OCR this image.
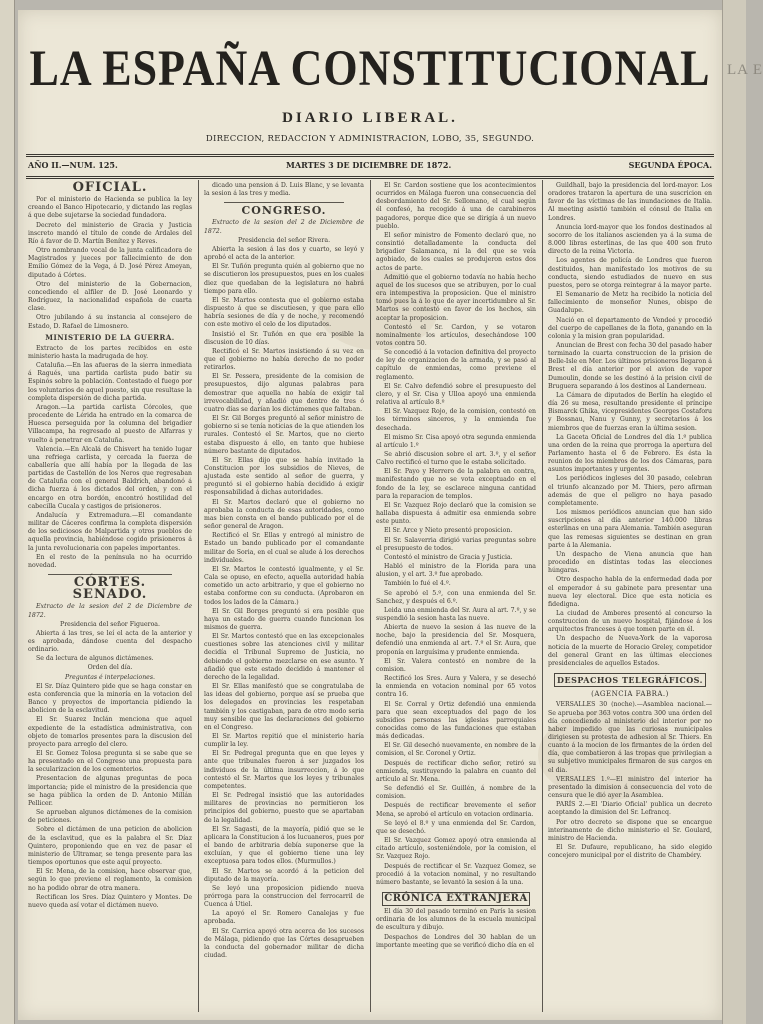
LA E
LA ESPAÑA CONSTITUCIONAL
DIARIO LIBERAL.
DIRECCION, REDACCION Y ADMINISTRACION, LOBO, 35, SEGUNDO.
AÑO II.—NUM. 125.	MARTES 3 DE DICIEMBRE DE 1872.	SEGUNDA ÉPOCA.
OFICIAL.

Por el ministerio de Hacienda se publica la ley creando el Banco Hipotecario, y dictando las reglas á que debe sujetarse la sociedad fundadora.

Decreto del ministerio de Gracia y Justicia inscreto mandó el título de conde de Ardales del Río á favor de D. Martín Benítez y Reves.

Otro nombrando vocal de la junta calificadora de Magistrados y jueces por fallecimiento de don Emilio Gómez de la Vega, á D. José Pérez Ameyan, diputado á Córtes.

Otro del ministerio de la Gobernacion, concediendo el alfiler de D. José Leonardo y Rodríguez, la nacionalidad española de cuarta clase.

Otro jubilando á su instancia al consejero de Estado, D. Rafael de Limosnero.

MINISTERIO DE LA GUERRA.

Extracto de los partes recibidos en este ministerio hasta la madrugada de hoy.

Cataluña.—En las afueras de la sierra inmediata á Ragués, una partida carlista pudo batir su Espinós sobre la población. Contestado el fuego por los voluntarios de aquel puesto, sin que resultase la completa dispersión de dicha partida.

Aragon.—La partida carlista Córcoles, que procedente de Lérida ha entrado en la comarca de Huesca perseguida por la columna del brigadier Villacampa, ha regresado al puesto de Alfarras y vuelto á penetrar en Cataluña.

Valencia.—En Alcalá de Chisvert ha tenido lugar una refriega carlista, y cercada la fuerza de caballería que allí había por la llegada de las partidas de Castellón de los Neros que regresaban de Cataluña con el general Baldrich, abandonó á dicha fuerza á los dictados del orden, y con el encargo en otra bordón, encontró hostilidad del cabecilla Cucala y castigos de prisioneros.

Andalucía y Extremadura.—El comandante militar de Cáceres confirma la completa dispersión de los sediciosos de Malpartida y otros pueblos de aquella provincia, habiéndose cogido prisioneros á la junta revolucionaria con papeles importantes.

En el resto de la península no ha ocurrido novedad.

CÓRTES.
SENADO.

Extracto de la sesion del 2 de Diciembre de 1872.

Presidencia del señor Figueroa.

Abierta á las tres, se leí el acta de la anterior y es aprobada, dándose cuenta del despacho ordinario.

Se da lectura de algunos dictámenes.

Orden del día.

Preguntas é interpelaciones.

El Sr. Díaz Quintero pide que se haga constar en esta conferencia que la minoría en la votacion del Banco y proyectos de importancia pidiendo la abolicion de la esclavitud.

El Sr. Suarez Inclán menciona que aquel expediente de la estadística administrativa, con objeto de tomarlos presentes para la discusion del proyecto para arreglo del clero.

El Sr. Gomez Tolosa pregunta si se sabe que se ha presentado en el Congreso una propuesta para la secularizacion de los cementerios.

Presentacion de algunas preguntas de poca importancia; pide el ministro de la presidencia que se haga pública la orden de D. Antonio Millán Pellicer.

Se aprueban algunos dictámenes de la comision de peticiones.

Sobre el dictámen de una peticion de abolicion de la esclavitud, que es la palabra el Sr. Díaz Quintero, proponiendo que en vez de pasar el ministerio de Ultramar, se tenga presente para las tiempos oportunos que este aquí proyecto.

El Sr. Mena, de la comision, hace observar que, según lo que previene el reglamento, la comision no ha podido obrar de otra manera.

Rectifican los Sres. Díaz Quintero y Montes. De nuevo queda así votar el dictámen nuevo.

dicado una pension á D. Luis Blanc, y se levanta la sesion á las tres y media.

CONGRESO.

Extracto de la sesion del 2 de Diciembre de 1872.

Presidencia del señor Rivera.

Abierta la sesion á las dos y cuarto, se leyó y aprobó el acta de la anterior.

El Sr. Tuñón pregunta quién al gobierno que no se discutieron los presupuestos, pues en los cuales diez que quedaban de la legislatura no habrá tiempo para ello.

El Sr. Martos contesta que el gobierno estaba dispuesto á que se discutiesen, y que para ello habría sesiones de día y de noche, y recomendó con este motivo el celo de los diputados.

Insistió el Sr. Tuñón en que era posible la discusion de 10 días.

Rectificó el Sr. Martos insistiendo á su vez en que el gobierno no había derecho de no poder retirarlos.

El Sr. Pessera, presidente de la comision de presupuestos, dijo algunas palabras para demostrar que aquella no había de exigir tal irrevocabilidad, y añadió que dentro de tres ó cuatro días se darían los dictámenes que faltaban.

El Sr. Gil Borges preguntó al señor ministro de gobierno si se tenía noticias de la que atienden los rurales. Contestó el Sr. Martos, que no cierto estaba dispuesto á ello, en tanto que hubiese número bastante de diputados.

El Sr. Ellas dijo que se había invitado la Constitucion por los subsidios de Nieves, de ajustada este sentido al señor de guerra, y preguntó si el gobierno había decidido á exigir responsabilidad á dichas autoridades.

El Sr. Martos declaró que el gobierno no aprobaba la conducta de esas autoridades, como mas bien consta en el bando publicado por el de señor general de Aragon.

Rectificó el Sr. Ellas y entregó al ministro de Estado un bando publicado por el comandante militar de Soria, en el cual se alude á los derechos individuales.

El Sr. Martos le contestó igualmente, y el Sr. Cala se opuso, en efecto, aquella autoridad había cometido un acto arbitrario, y que el gobierno no estaba conforme con su conducta. (Aprobaron en todos los lados de la Cámara.)

El Sr. Gil Borges preguntó si era posible que haya un estado de guerra cuando funcionan los mismos de guerra.

El Sr. Martos contestó que en las excepcionales cuestiones sobre las atenciones civil y militar decidía el Tribunal Supremo de Justicia, no debiendo el gobierno mezclarse en ese asunto. Y añadió que este estado decidido á mantener el derecho de la legalidad.

El Sr. Ellas manifestó que se congratulaba de las ideas del gobierno, porque así se prueba que los delegados en provincias les respetaban también y los castigaban, para de otro modo seria muy sensible que las declaraciones del gobierno en el Congreso.

El Sr. Martos repitió que el ministerio haría cumplir la ley.

El Sr. Pedregal pregunta que en que leyes y ante que tribunales fueron á ser juzgados los individuos de la última insurreccion, á lo que contestó el Sr. Martos que los leyes y tribunales competentes.

El Sr. Pedregal insistió que las autoridades militares de provincias no permitieron los principios del gobierno, puesto que se apartaban de la legalidad.

El Sr. Sagasti, de la mayoría, pidió que se le aplicara la Constitucion á los lucuaneros, pues por el bando de arbitraria debía suponerse que la excluían, y que el gobierno tiene una ley exceptuosa para todos ellos. (Murmullos.)

El Sr. Martos se acordó á la peticion del diputado de la mayoría.

Se leyó una proposicion pidiendo nueva prórroga para la construccion del ferrocarril de Cuenca á Utiel.

La apoyó el Sr. Romero Canalejas y fue aprobada.

El Sr. Carrica apoyó otra acerca de los sucesos de Málaga, pidiendo que las Córtes desaprueben la conducta del gobernador militar de dicha ciudad.

El Sr. Cardon sostiene que los acontecimientos ocurridos en Málaga fueron una consecuencia del desbordamiento del Sr. Sellomano, el cual según él confesó, ha recogido á una de carabineros pagadores, porque dice que se dirigía á un nuevo pueblo.

El señor ministro de Fomento declaró que, no consintió detalladamente la conducta del brigadier Salamanca, ni la del que se veía agobiado, de los cuales se produjeron estos dos actos de parte.

Admitió que el gobierno todavía no había hecho aquel de los sucesos que se atribuyen, por lo cual era intempestiva la proposicion. Que el ministro tomó pues la á lo que de ayer incertidumbre al Sr. Martos se contestó en favor de los hechos, sin aceptar la proposicion.

Contestó el Sr. Cardon, y se votaron nominalmente los artículos, desechándose 100 votos contra 50.

Se concedió á la votacion definitiva del proyecto de ley de organizacion de la armada, y se pasó al capítulo de enmiendas, como previene el reglamento.

El Sr. Calvo defendió sobre el presupuesto del clero, y el Sr. Cisa y Ulloa apoyó una enmienda relativa al artículo 8.º

El Sr. Vazquez Rojo, de la comision, contestó en los términos sinceros, y la enmienda fue desechada.

El mismo Sr. Cisa apoyó otra segunda enmienda al artículo 1.º

Se abrió discusion sobre el art. 3.º, y el señor Calvo rectificó el turno que le estaba solicitado.

El Sr. Payo y Herrero de la palabra en contra, manifestando que no se vota exceptuado en el fondo de la ley, se esclarece ninguna cantidad para la reparacion de templos.

El Sr. Vazquez Rojo declaró que la comision se hallaba dispuesta á admitir esa enmienda sobre este punto.

El Sr. Arce y Nieto presentó proposicion.

El Sr. Salaverria dirigió varias preguntas sobre el presupuesto de todos.

Contestó el ministro de Gracia y Justicia.

Habló el ministro de la Florida para una alusion, y el art. 3.º fue aprobado.

También lo fué el 4.º.

Se aprobó el 5.º, con una enmienda del Sr. Sanchez, y después el 6.º.

Leida una enmienda del Sr. Aura al art. 7.º, y se suspendió la sesion hasta las nueve.

Abierta de nuevo la sesion á las nueve de la noche, bajo la presidencia del Sr. Mosquera, defendió una enmienda al art. 7.º el Sr. Aura, que proponía en larguísima y prudente enmienda.

El Sr. Valera contestó en nombre de la comision.

Rectificó los Sres. Aura y Valera, y se desechó la enmienda en votacion nominal por 65 votos contra 16.

El Sr. Corral y Ortiz defendió una enmienda para que sean exceptuados del pago de los subsidios personas las iglesias parroquiales conocidas como de las fundaciones que estaban más dedicadas.

El Sr. Gil desechó nuevamente, en nombre de la comision, el Sr. Coronel y Ortiz.

Después de rectificar dicho señor, retiró su enmienda, sustituyendo la palabra en cuanto del artículo al Sr. Mena.

Se defendió el Sr. Guillén, á nombre de la comision.

Después de rectificar brevemente el señor Mena, se aprobó el artículo en votacion ordinaria.

Se leyó el 8.º y una enmienda del Sr. Cardon, que se desechó.

El Sr. Vazquez Gomez apoyó otra enmienda al citado artículo, sosteniéndole, por la comision, el Sr. Vazquez Rojo.

Después de rectificar el Sr. Vazquez Gomez, se procedió á la votacion nominal, y no resultando número bastante, se levantó la sesion á la una.

CRÓNICA EXTRANJERA

El día 30 del pasado terminó en París la sesion ordinaria de los alumnos de la escuela municipal de escultura y dibujo.

Despachos de Londres del 30 hablan de un importante meeting que se verificó dicho día en el

Guildhall, bajo la presidencia del lord-mayor. Los oradores trataron la apertura de una suscricion en favor de las víctimas de las inundaciones de Italia. Al meeting asistió también el cónsul de Italia en Londres.

Anuncia lord-mayor que los fondos destinados al socorro de los italianos ascienden ya á la suma de 8.000 libras esterlinas, de las que 400 son fruto directo de la reina Victoria.

Los agentes de policía de Londres que fueron destituidos, han manifestado los motivos de su conducta, siendo estudiados de nuevo en sus puestos, pero se otorga reintegrar á la mayor parte.

El Semanario de Metz ha recibido la noticia del fallecimiento de monseñor Nunes, obispo de Guadalupe.

Nació en el departamento de Vendeé y procedió del cuerpo de capellanes de la flota, ganando en la colonia y la mision gran popularidad.

Anuncian de Brest con fecha 30 del pasado haber terminado la cuarta construccion de la prision de Belle-Isle en Mer. Los últimos prisioneros llegaron á Brest el día anterior por el avion de vapor Dumoulin, donde se les destinó á la prision civil de Bruguera separando á los destinos al Landerneau.

La Cámara de diputados de Berlín ha elegido el día 26 su mesa, resultando presidente el príncipe Bismarck Ghika, vicepresidentes Georges Costaforu y Bossnau, Nanu y Gunny, y secretarios á los miembros que de fuerzas eran la última sesion.

La Gaceta Oficial de Londres del día 1.º publica una orden de la reina que prorroga la apertura del Parlamento hasta el 6 de Febrero. Es ésta la reunion de los miembros de los dos Cámaras, para asuntos importantes y urgentes.

Los periódicos ingleses del 30 pasado, celebran el triunfo alcanzado por M. Thiers, pero afirman además de que el peligro no haya pasado completamente.

Los mismos periódicos anuncian que han sido suscripciones al día anterior 140.000 libras esterlinas en una para Alemania. También aseguran que las remesas siguientes se destinan en gran parte á la Alemania.

Un despacho de Viena anuncia que han procedido en distintas todas las elecciones húngaras.

Otro despacho habla de la enfermedad dada por el emperador á su gabinete para presentar una nueva ley electoral. Dice que esta noticia es fidedigna.

La ciudad de Amberes presentó al concurso la construccion de un nuevo hospital, fijándose á los arquitectos franceses á que tomen parte en él.

Un despacho de Nueva-York de la vaporosa noticia de la muerte de Horacio Greley, competidor del general Grant en las últimas elecciones presidenciales de aquellos Estados.

DESPACHOS TELEGRÁFICOS.
(AGENCIA FABRA.)

VERSALLES 30 (noche).—Asamblea nacional.—Se aprueba por 363 votos contra 300 una órden del día concediendo al ministerio del interior por no haber impedido que las curiosas municipales dirigiesen su protesta de adhesion al Sr. Thiers. En cuanto á la mocion de los firmantes de la órden del día, que combatieron á las tropas que privilegian a su subjetivo municipales firmaron de sus cargos en el dia.

VERSALLES 1.º—El ministro del interior ha presentado la dimision á consecuencia del voto de censura que le dió ayer la Asamblea.

PARÍS 2.—El 'Diario Oficial' publica un decreto aceptando la dimision del Sr. Lefrancq.

Por otro decreto se dispone que se encargue interinamente de dicho ministerio el Sr. Goulard, ministro de Hacienda.

El Sr. Dufaure, republicano, ha sido elegido concejero municipal por el distrito de Chambéry.
